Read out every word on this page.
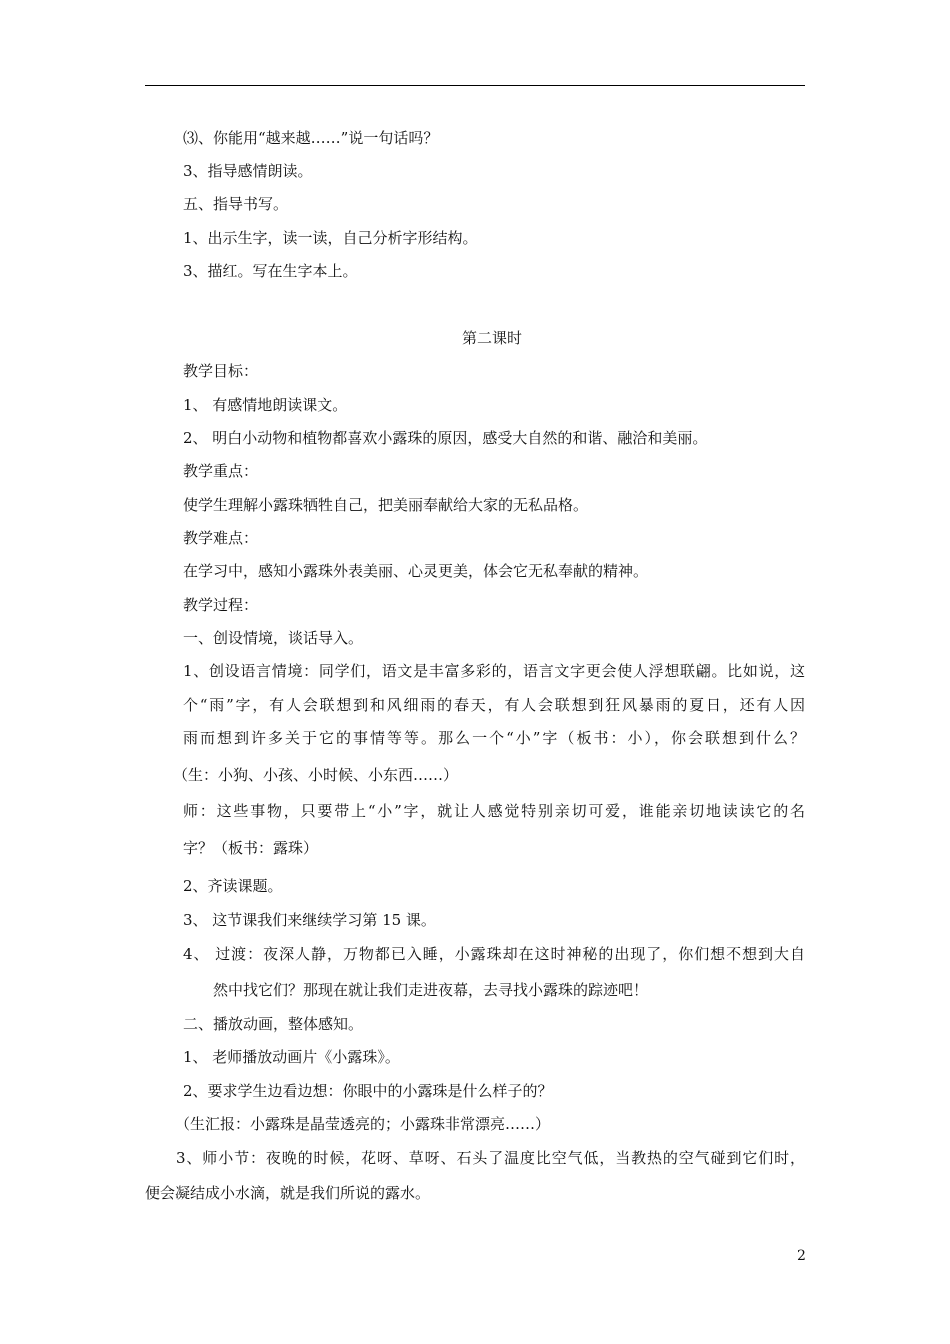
⑶、你能用“越来越……”说一句话吗？
3、指导感情朗读。
五、指导书写。
1、出示生字，读一读，自己分析字形结构。
3、描红。写在生字本上。
第二课时
教学目标：
1、 有感情地朗读课文。
2、 明白小动物和植物都喜欢小露珠的原因，感受大自然的和谐、融洽和美丽。
教学重点：
使学生理解小露珠牺牲自己，把美丽奉献给大家的无私品格。
教学难点：
在学习中，感知小露珠外表美丽、心灵更美，体会它无私奉献的精神。
教学过程：
一、创设情境，谈话导入。
1、创设语言情境：同学们，语文是丰富多彩的，语言文字更会使人浮想联翩。比如说，这
个“雨”字，有人会联想到和风细雨的春天，有人会联想到狂风暴雨的夏日，还有人因
雨而想到许多关于它的事情等等。那么一个“小”字（板书：小），你会联想到什么？
（生：小狗、小孩、小时候、小东西……）
师：这些事物，只要带上“小”字，就让人感觉特别亲切可爱，谁能亲切地读读它的名
字？（板书：露珠）
2、齐读课题。
3、 这节课我们来继续学习第 15 课。
4、 过渡：夜深人静，万物都已入睡，小露珠却在这时神秘的出现了，你们想不想到大自
然中找它们？那现在就让我们走进夜幕，去寻找小露珠的踪迹吧！
二、播放动画，整体感知。
1、 老师播放动画片《小露珠》。
2、要求学生边看边想：你眼中的小露珠是什么样子的？
（生汇报：小露珠是晶莹透亮的；小露珠非常漂亮……）
3、师小节：夜晚的时候，花呀、草呀、石头了温度比空气低，当教热的空气碰到它们时，
便会凝结成小水滴，就是我们所说的露水。
2
